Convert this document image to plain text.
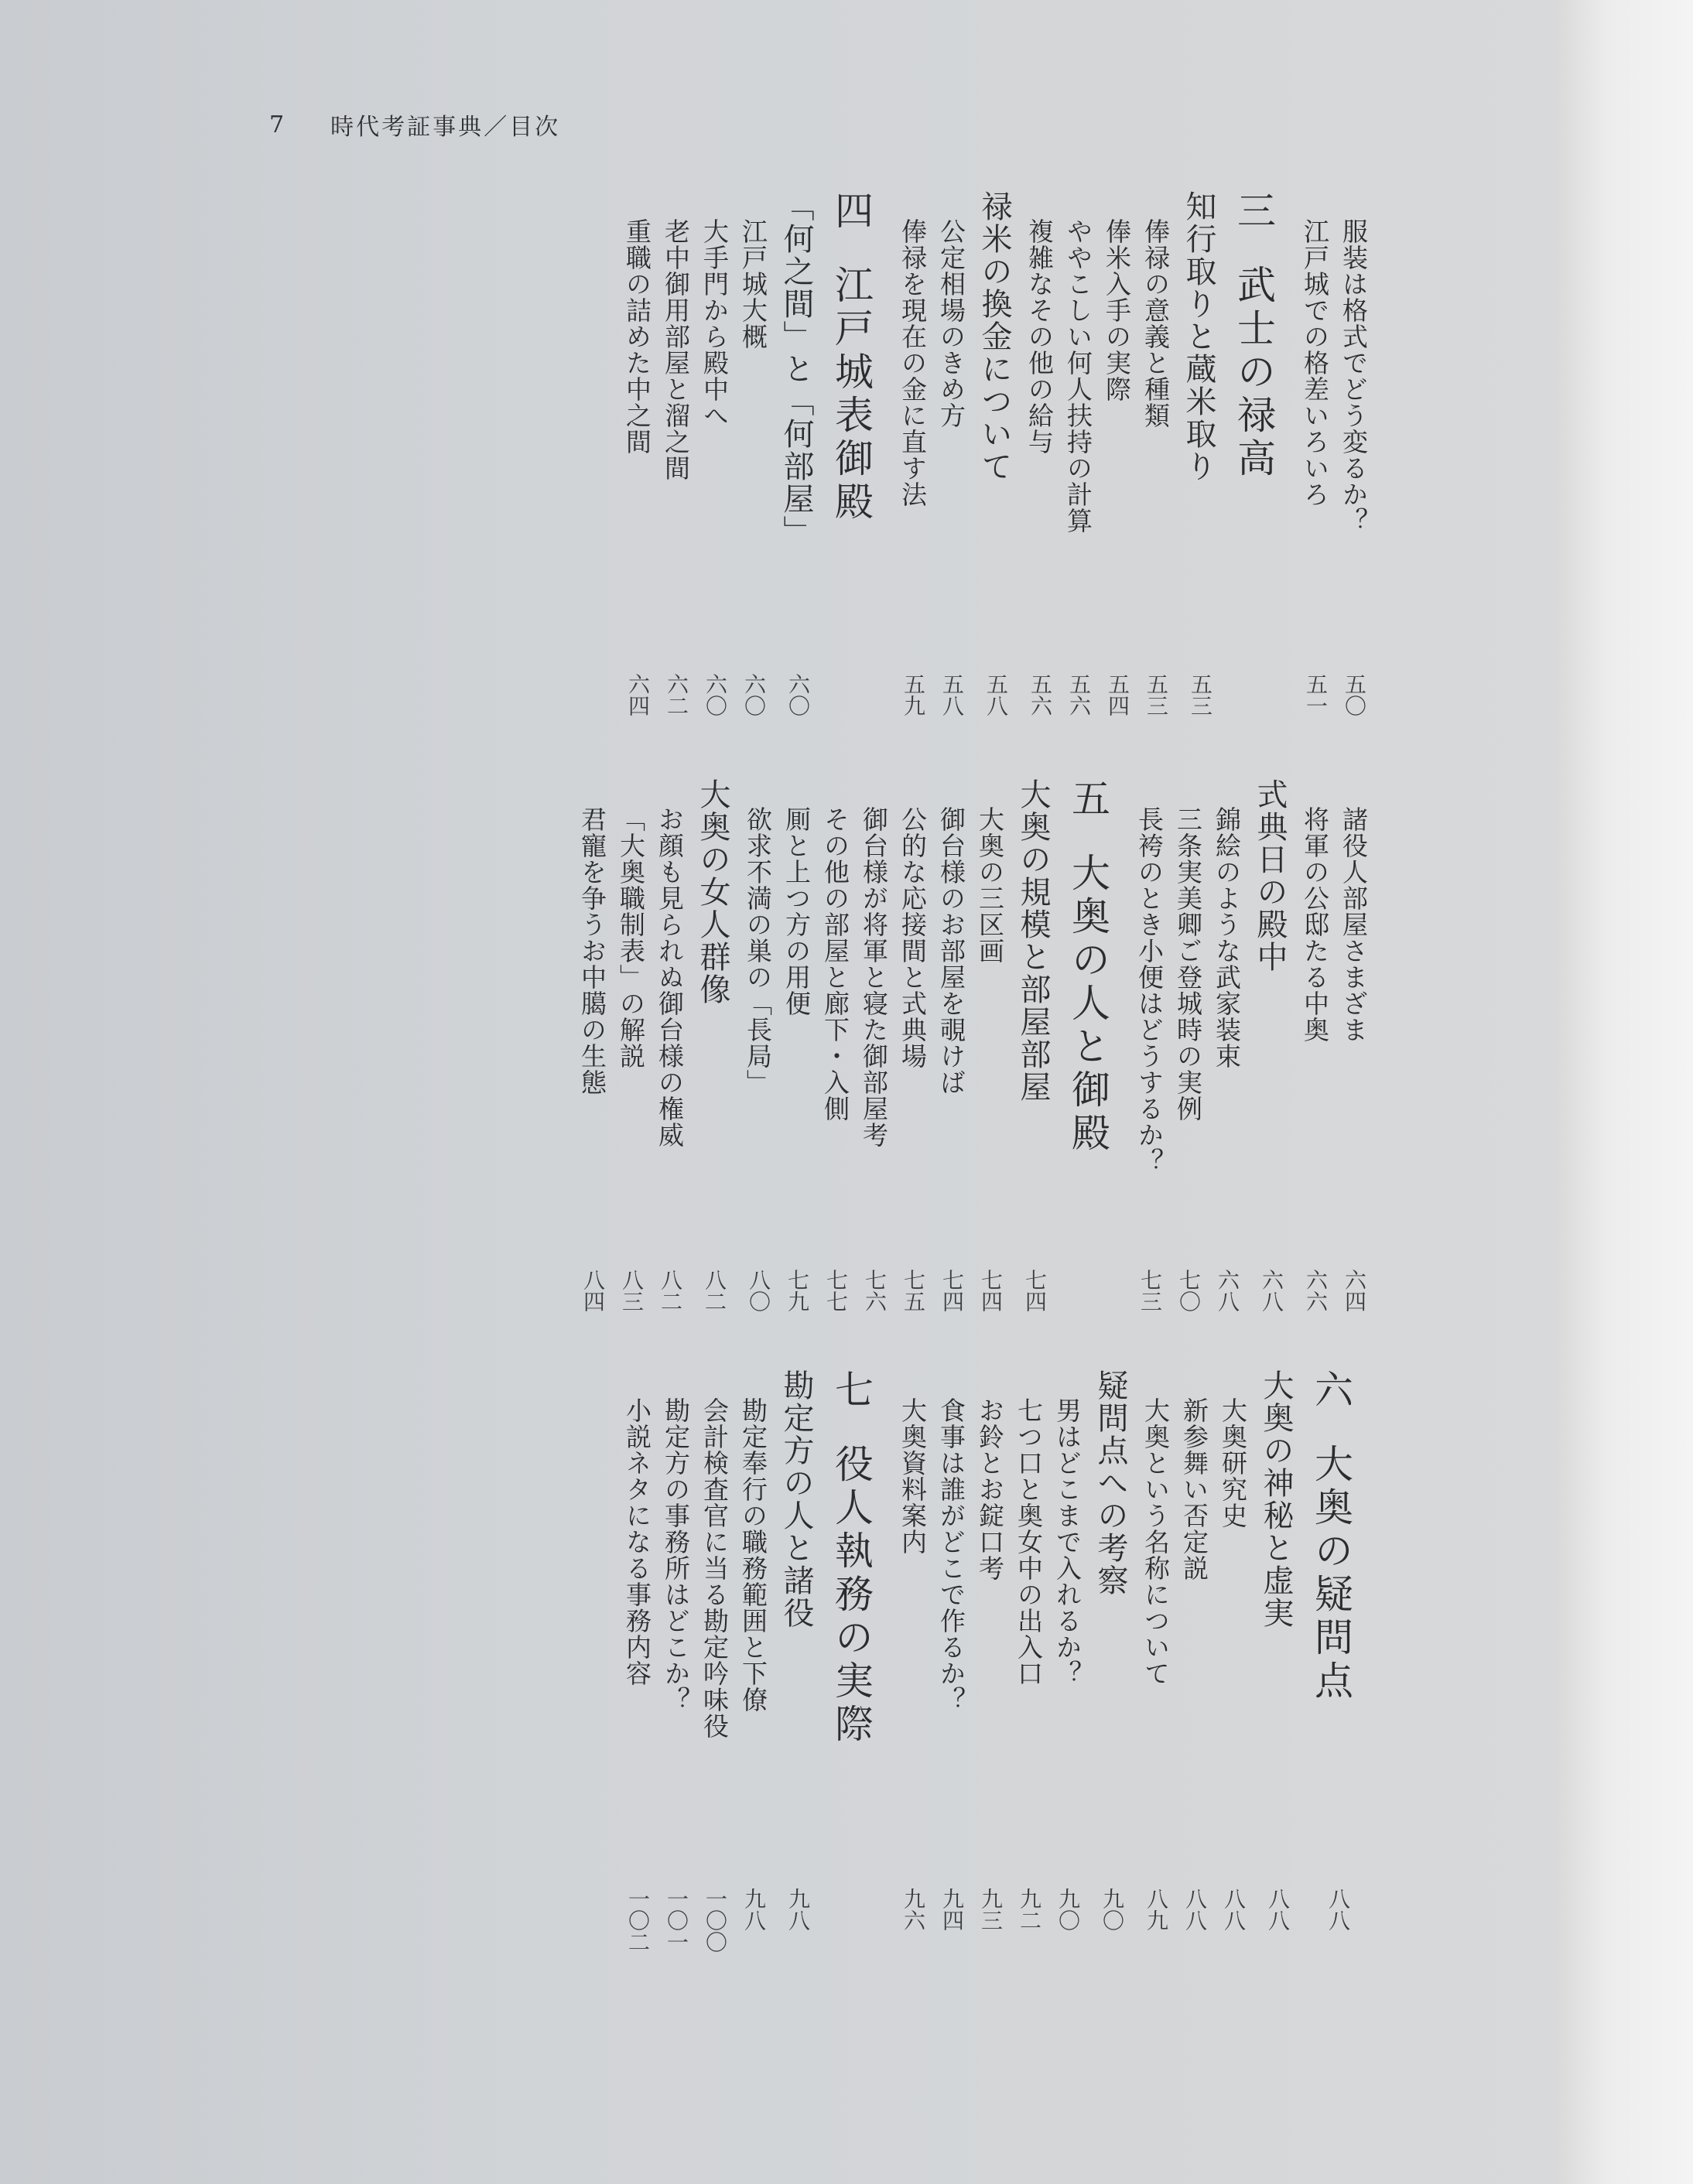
7 時代考証事典／目次
服装は格式でどう変るか？
五〇
江戸城での格差いろいろ
五一
三
武士の禄高
知行取りと蔵米取り
五三
俸禄の意義と種類
五三
俸米入手の実際
五四
ややこしい何人扶持の計算
五六
複雑なその他の給与
五六
禄米の換金について
五八
公定相場のきめ方
五八
俸禄を現在の金に直す法
五九
四
江戸城表御殿
「何之間」と「何部屋」
六〇
江戸城大概
六〇
大手門から殿中へ
六〇
老中御用部屋と溜之間
六二
重職の詰めた中之間
六四
諸役人部屋さまざま
六四
将軍の公邸たる中奥
六六
式典日の殿中
六八
錦絵のような武家装束
六八
三条実美卿ご登城時の実例
七〇
長袴のとき小便はどうするか？
七三
五
大奥の人と御殿
大奥の規模と部屋部屋
七四
大奥の三区画
七四
御台様のお部屋を覗けば
七四
公的な応接間と式典場
七五
御台様が将軍と寝た御部屋考
七六
その他の部屋と廊下・入側
七七
厠と上つ方の用便
七九
欲求不満の巣の「長局」
八〇
大奥の女人群像
八二
お顔も見られぬ御台様の権威
八二
「大奥職制表」の解説
八三
君寵を争うお中臈の生態
八四
六
大奥の疑問点
八八
大奥の神秘と虚実
八八
大奥研究史
八八
新参舞い否定説
八八
大奥という名称について
八九
疑問点への考察
九〇
男はどこまで入れるか？
九〇
七つ口と奥女中の出入口
九二
お鈴とお錠口考
九三
食事は誰がどこで作るか？
九四
大奥資料案内
九六
七
役人執務の実際
勘定方の人と諸役
九八
勘定奉行の職務範囲と下僚
九八
会計検査官に当る勘定吟味役
一〇〇
勘定方の事務所はどこか？
一〇一
小説ネタになる事務内容
一〇二
